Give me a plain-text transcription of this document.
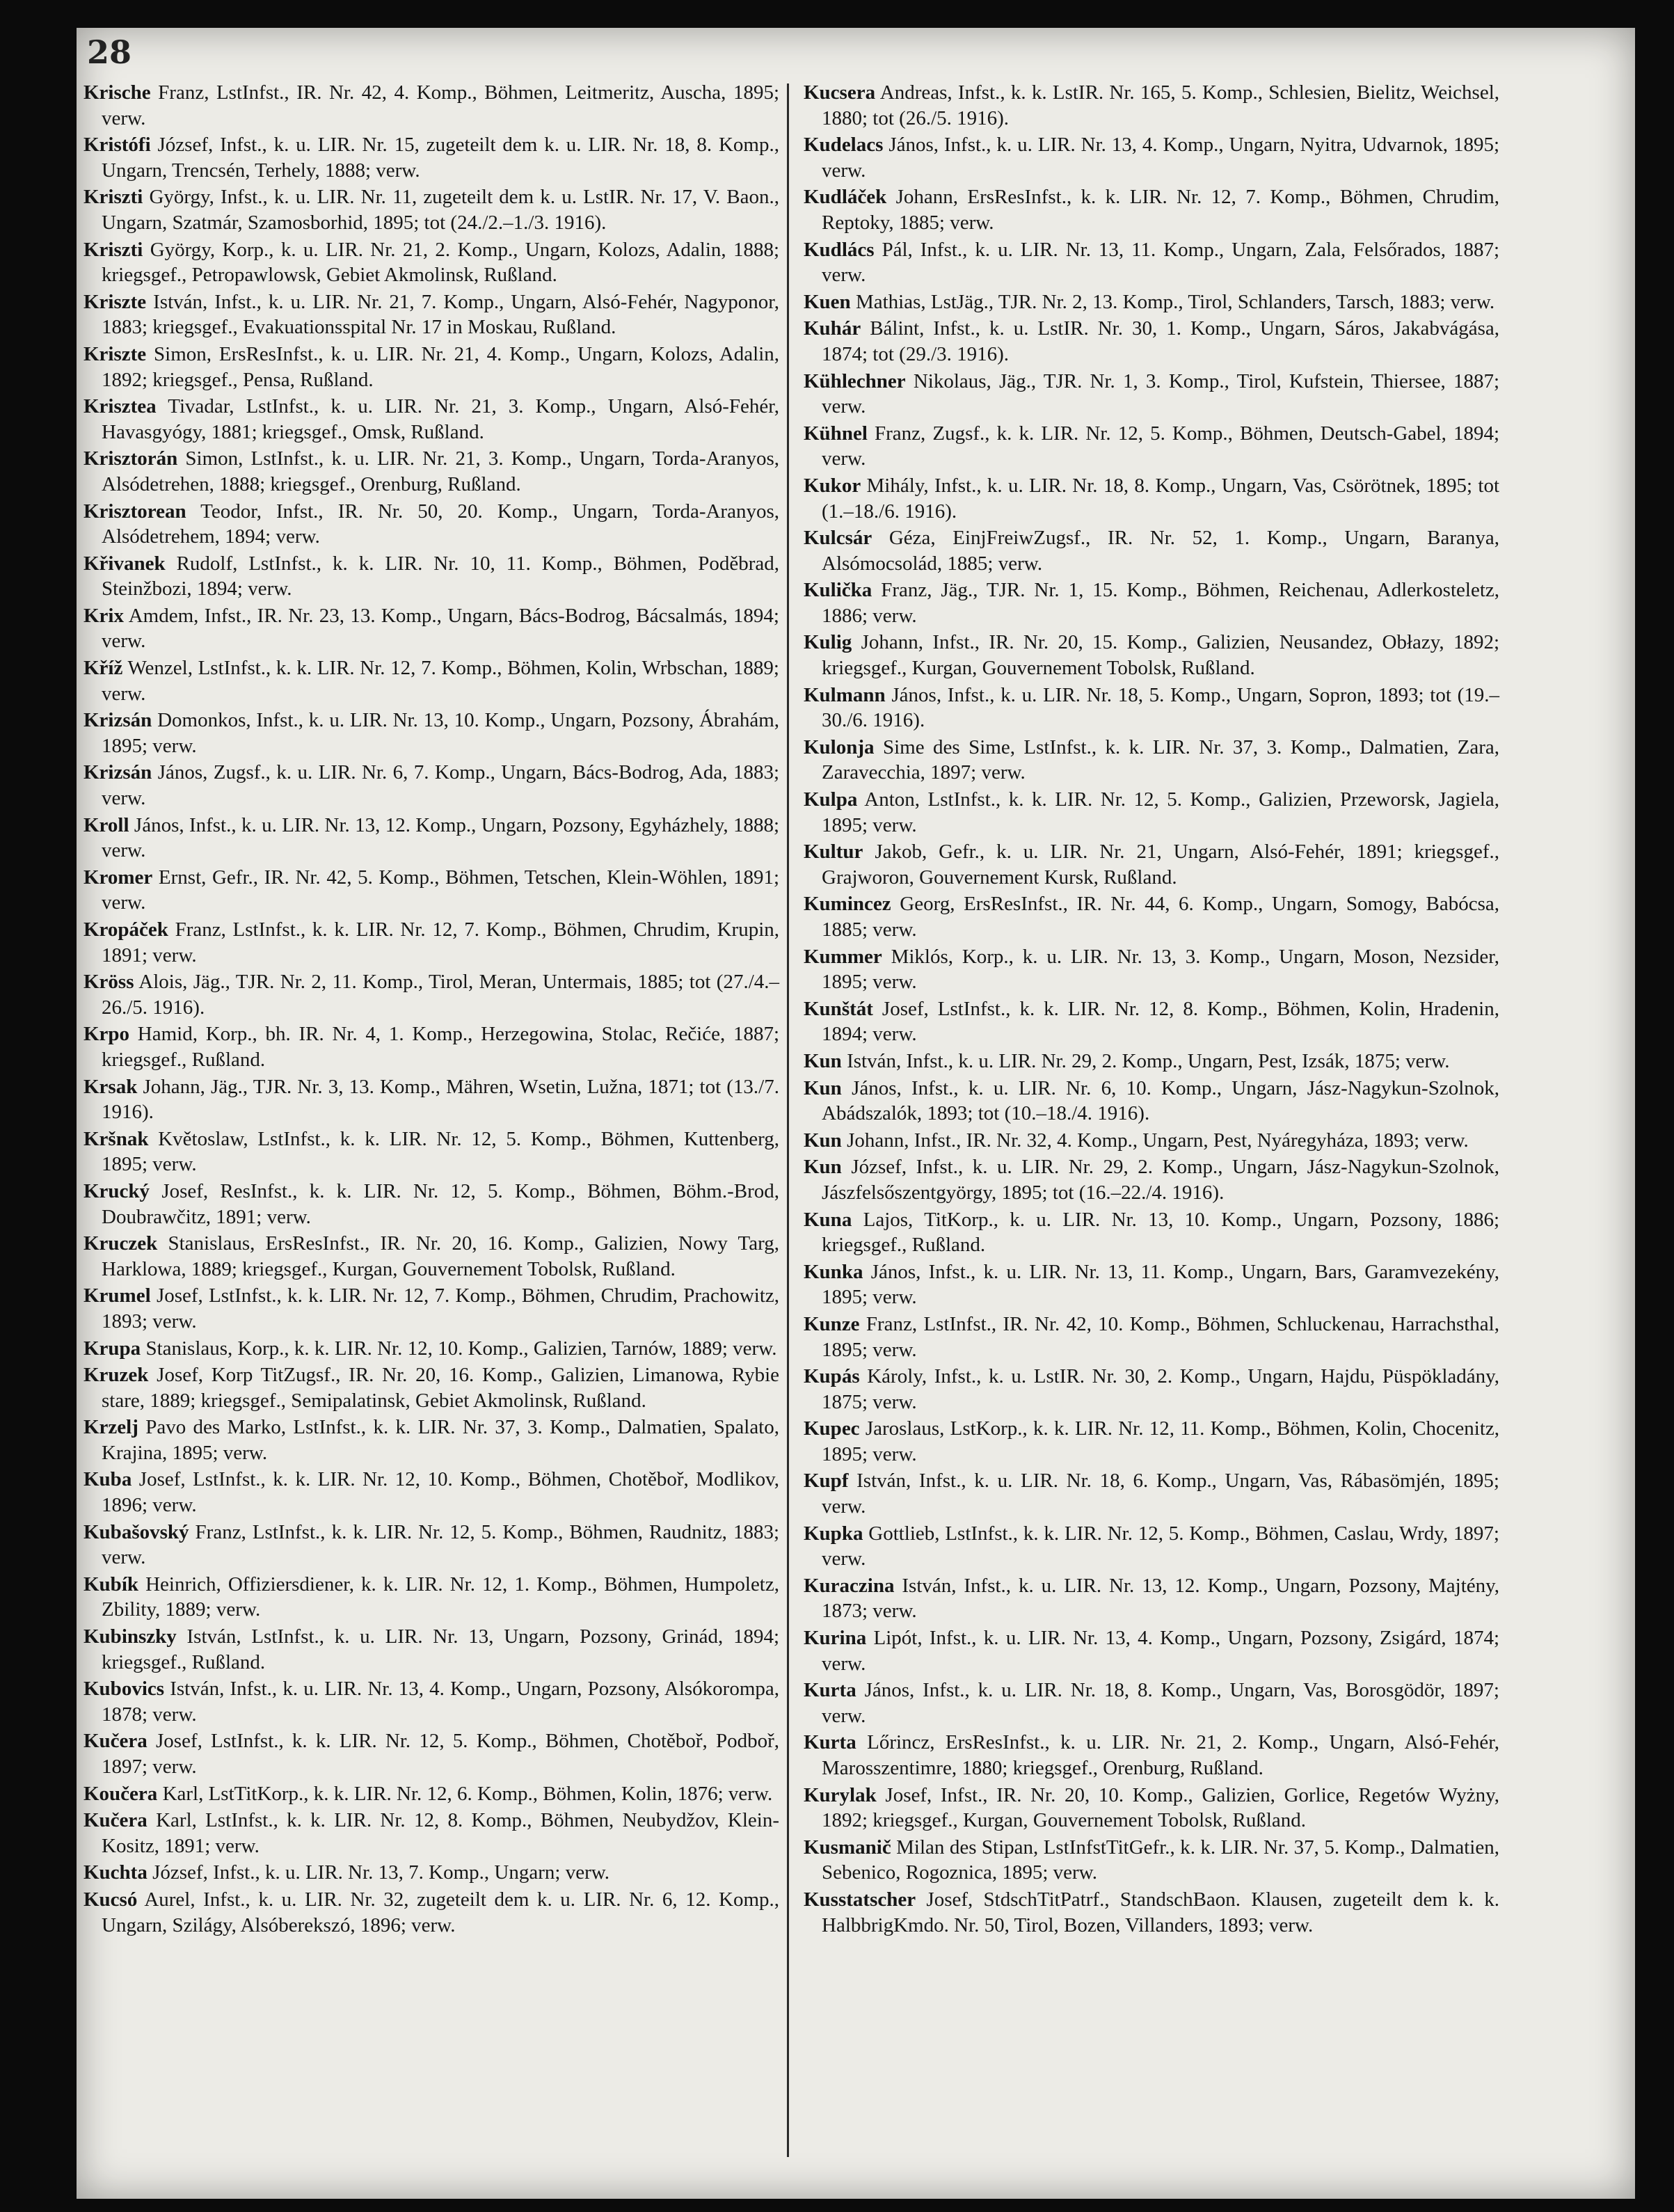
28

Krische Franz, LstInfst., IR. Nr. 42, 4. Komp., Böhmen, Leitmeritz, Auscha, 1895; verw.

Kristófi József, Infst., k. u. LIR. Nr. 15, zugeteilt dem k. u. LIR. Nr. 18, 8. Komp., Ungarn, Trencsén, Terhely, 1888; verw.

Kriszti György, Infst., k. u. LIR. Nr. 11, zugeteilt dem k. u. LstIR. Nr. 17, V. Baon., Ungarn, Szatmár, Szamosborhid, 1895; tot (24./2.–1./3. 1916).

Kriszti György, Korp., k. u. LIR. Nr. 21, 2. Komp., Ungarn, Kolozs, Adalin, 1888; kriegsgef., Petropawlowsk, Gebiet Akmolinsk, Rußland.

Kriszte István, Infst., k. u. LIR. Nr. 21, 7. Komp., Ungarn, Alsó-Fehér, Nagyponor, 1883; kriegsgef., Evakuationsspital Nr. 17 in Moskau, Rußland.

Kriszte Simon, ErsResInfst., k. u. LIR. Nr. 21, 4. Komp., Ungarn, Kolozs, Adalin, 1892; kriegsgef., Pensa, Rußland.

Krisztea Tivadar, LstInfst., k. u. LIR. Nr. 21, 3. Komp., Ungarn, Alsó-Fehér, Havasgyógy, 1881; kriegsgef., Omsk, Rußland.

Krisztorán Simon, LstInfst., k. u. LIR. Nr. 21, 3. Komp., Ungarn, Torda-Aranyos, Alsódetrehen, 1888; kriegsgef., Orenburg, Rußland.

Krisztorean Teodor, Infst., IR. Nr. 50, 20. Komp., Ungarn, Torda-Aranyos, Alsódetrehem, 1894; verw.

Křivanek Rudolf, LstInfst., k. k. LIR. Nr. 10, 11. Komp., Böhmen, Poděbrad, Steinžbozi, 1894; verw.

Krix Amdem, Infst., IR. Nr. 23, 13. Komp., Ungarn, Bács-Bodrog, Bácsalmás, 1894; verw.

Kříž Wenzel, LstInfst., k. k. LIR. Nr. 12, 7. Komp., Böhmen, Kolin, Wrbschan, 1889; verw.

Krizsán Domonkos, Infst., k. u. LIR. Nr. 13, 10. Komp., Ungarn, Pozsony, Ábrahám, 1895; verw.

Krizsán János, Zugsf., k. u. LIR. Nr. 6, 7. Komp., Ungarn, Bács-Bodrog, Ada, 1883; verw.

Kroll János, Infst., k. u. LIR. Nr. 13, 12. Komp., Ungarn, Pozsony, Egyházhely, 1888; verw.

Kromer Ernst, Gefr., IR. Nr. 42, 5. Komp., Böhmen, Tetschen, Klein-Wöhlen, 1891; verw.

Kropáček Franz, LstInfst., k. k. LIR. Nr. 12, 7. Komp., Böhmen, Chrudim, Krupin, 1891; verw.

Kröss Alois, Jäg., TJR. Nr. 2, 11. Komp., Tirol, Meran, Untermais, 1885; tot (27./4.–26./5. 1916).

Krpo Hamid, Korp., bh. IR. Nr. 4, 1. Komp., Herzegowina, Stolac, Rečiće, 1887; kriegsgef., Rußland.

Krsak Johann, Jäg., TJR. Nr. 3, 13. Komp., Mähren, Wsetin, Lužna, 1871; tot (13./7. 1916).

Kršnak Květoslaw, LstInfst., k. k. LIR. Nr. 12, 5. Komp., Böhmen, Kuttenberg, 1895; verw.

Krucký Josef, ResInfst., k. k. LIR. Nr. 12, 5. Komp., Böhmen, Böhm.-Brod, Doubrawčitz, 1891; verw.

Kruczek Stanislaus, ErsResInfst., IR. Nr. 20, 16. Komp., Galizien, Nowy Targ, Harklowa, 1889; kriegsgef., Kurgan, Gouvernement Tobolsk, Rußland.

Krumel Josef, LstInfst., k. k. LIR. Nr. 12, 7. Komp., Böhmen, Chrudim, Prachowitz, 1893; verw.

Krupa Stanislaus, Korp., k. k. LIR. Nr. 12, 10. Komp., Galizien, Tarnów, 1889; verw.

Kruzek Josef, Korp TitZugsf., IR. Nr. 20, 16. Komp., Galizien, Limanowa, Rybie stare, 1889; kriegsgef., Semipalatinsk, Gebiet Akmolinsk, Rußland.

Krzelj Pavo des Marko, LstInfst., k. k. LIR. Nr. 37, 3. Komp., Dalmatien, Spalato, Krajina, 1895; verw.

Kuba Josef, LstInfst., k. k. LIR. Nr. 12, 10. Komp., Böhmen, Chotěboř, Modlikov, 1896; verw.

Kubašovský Franz, LstInfst., k. k. LIR. Nr. 12, 5. Komp., Böhmen, Raudnitz, 1883; verw.

Kubík Heinrich, Offiziersdiener, k. k. LIR. Nr. 12, 1. Komp., Böhmen, Humpoletz, Zbility, 1889; verw.

Kubinszky István, LstInfst., k. u. LIR. Nr. 13, Ungarn, Pozsony, Grinád, 1894; kriegsgef., Rußland.

Kubovics István, Infst., k. u. LIR. Nr. 13, 4. Komp., Ungarn, Pozsony, Alsókorompa, 1878; verw.

Kučera Josef, LstInfst., k. k. LIR. Nr. 12, 5. Komp., Böhmen, Chotěboř, Podboř, 1897; verw.

Koučera Karl, LstTitKorp., k. k. LIR. Nr. 12, 6. Komp., Böhmen, Kolin, 1876; verw.

Kučera Karl, LstInfst., k. k. LIR. Nr. 12, 8. Komp., Böhmen, Neubydžov, Klein-Kositz, 1891; verw.

Kuchta József, Infst., k. u. LIR. Nr. 13, 7. Komp., Ungarn; verw.

Kucsó Aurel, Infst., k. u. LIR. Nr. 32, zugeteilt dem k. u. LIR. Nr. 6, 12. Komp., Ungarn, Szilágy, Alsóberekszó, 1896; verw.

Kucsera Andreas, Infst., k. k. LstIR. Nr. 165, 5. Komp., Schlesien, Bielitz, Weichsel, 1880; tot (26./5. 1916).

Kudelacs János, Infst., k. u. LIR. Nr. 13, 4. Komp., Ungarn, Nyitra, Udvarnok, 1895; verw.

Kudláček Johann, ErsResInfst., k. k. LIR. Nr. 12, 7. Komp., Böhmen, Chrudim, Reptoky, 1885; verw.

Kudlács Pál, Infst., k. u. LIR. Nr. 13, 11. Komp., Ungarn, Zala, Felsőrados, 1887; verw.

Kuen Mathias, LstJäg., TJR. Nr. 2, 13. Komp., Tirol, Schlanders, Tarsch, 1883; verw.

Kuhár Bálint, Infst., k. u. LstIR. Nr. 30, 1. Komp., Ungarn, Sáros, Jakabvágása, 1874; tot (29./3. 1916).

Kühlechner Nikolaus, Jäg., TJR. Nr. 1, 3. Komp., Tirol, Kufstein, Thiersee, 1887; verw.

Kühnel Franz, Zugsf., k. k. LIR. Nr. 12, 5. Komp., Böhmen, Deutsch-Gabel, 1894; verw.

Kukor Mihály, Infst., k. u. LIR. Nr. 18, 8. Komp., Ungarn, Vas, Csörötnek, 1895; tot (1.–18./6. 1916).

Kulcsár Géza, EinjFreiwZugsf., IR. Nr. 52, 1. Komp., Ungarn, Baranya, Alsómocsolád, 1885; verw.

Kulička Franz, Jäg., TJR. Nr. 1, 15. Komp., Böhmen, Reichenau, Adlerkosteletz, 1886; verw.

Kulig Johann, Infst., IR. Nr. 20, 15. Komp., Galizien, Neusandez, Obłazy, 1892; kriegsgef., Kurgan, Gouvernement Tobolsk, Rußland.

Kulmann János, Infst., k. u. LIR. Nr. 18, 5. Komp., Ungarn, Sopron, 1893; tot (19.–30./6. 1916).

Kulonja Sime des Sime, LstInfst., k. k. LIR. Nr. 37, 3. Komp., Dalmatien, Zara, Zaravecchia, 1897; verw.

Kulpa Anton, LstInfst., k. k. LIR. Nr. 12, 5. Komp., Galizien, Przeworsk, Jagiela, 1895; verw.

Kultur Jakob, Gefr., k. u. LIR. Nr. 21, Ungarn, Alsó-Fehér, 1891; kriegsgef., Grajworon, Gouvernement Kursk, Rußland.

Kumincez Georg, ErsResInfst., IR. Nr. 44, 6. Komp., Ungarn, Somogy, Babócsa, 1885; verw.

Kummer Miklós, Korp., k. u. LIR. Nr. 13, 3. Komp., Ungarn, Moson, Nezsider, 1895; verw.

Kunštát Josef, LstInfst., k. k. LIR. Nr. 12, 8. Komp., Böhmen, Kolin, Hradenin, 1894; verw.

Kun István, Infst., k. u. LIR. Nr. 29, 2. Komp., Ungarn, Pest, Izsák, 1875; verw.

Kun János, Infst., k. u. LIR. Nr. 6, 10. Komp., Ungarn, Jász-Nagykun-Szolnok, Abádszalók, 1893; tot (10.–18./4. 1916).

Kun Johann, Infst., IR. Nr. 32, 4. Komp., Ungarn, Pest, Nyáregyháza, 1893; verw.

Kun József, Infst., k. u. LIR. Nr. 29, 2. Komp., Ungarn, Jász-Nagykun-Szolnok, Jászfelsőszentgyörgy, 1895; tot (16.–22./4. 1916).

Kuna Lajos, TitKorp., k. u. LIR. Nr. 13, 10. Komp., Ungarn, Pozsony, 1886; kriegsgef., Rußland.

Kunka János, Infst., k. u. LIR. Nr. 13, 11. Komp., Ungarn, Bars, Garamvezekény, 1895; verw.

Kunze Franz, LstInfst., IR. Nr. 42, 10. Komp., Böhmen, Schluckenau, Harrachsthal, 1895; verw.

Kupás Károly, Infst., k. u. LstIR. Nr. 30, 2. Komp., Ungarn, Hajdu, Püspökladány, 1875; verw.

Kupec Jaroslaus, LstKorp., k. k. LIR. Nr. 12, 11. Komp., Böhmen, Kolin, Chocenitz, 1895; verw.

Kupf István, Infst., k. u. LIR. Nr. 18, 6. Komp., Ungarn, Vas, Rábasömjén, 1895; verw.

Kupka Gottlieb, LstInfst., k. k. LIR. Nr. 12, 5. Komp., Böhmen, Caslau, Wrdy, 1897; verw.

Kuraczina István, Infst., k. u. LIR. Nr. 13, 12. Komp., Ungarn, Pozsony, Majtény, 1873; verw.

Kurina Lipót, Infst., k. u. LIR. Nr. 13, 4. Komp., Ungarn, Pozsony, Zsigárd, 1874; verw.

Kurta János, Infst., k. u. LIR. Nr. 18, 8. Komp., Ungarn, Vas, Borosgödör, 1897; verw.

Kurta Lőrincz, ErsResInfst., k. u. LIR. Nr. 21, 2. Komp., Ungarn, Alsó-Fehér, Marosszentimre, 1880; kriegsgef., Orenburg, Rußland.

Kurylak Josef, Infst., IR. Nr. 20, 10. Komp., Galizien, Gorlice, Regetów Wyżny, 1892; kriegsgef., Kurgan, Gouvernement Tobolsk, Rußland.

Kusmanič Milan des Stipan, LstInfstTitGefr., k. k. LIR. Nr. 37, 5. Komp., Dalmatien, Sebenico, Rogoznica, 1895; verw.

Kusstatscher Josef, StdschTitPatrf., StandschBaon. Klausen, zugeteilt dem k. k. HalbbrigKmdo. Nr. 50, Tirol, Bozen, Villanders, 1893; verw.
